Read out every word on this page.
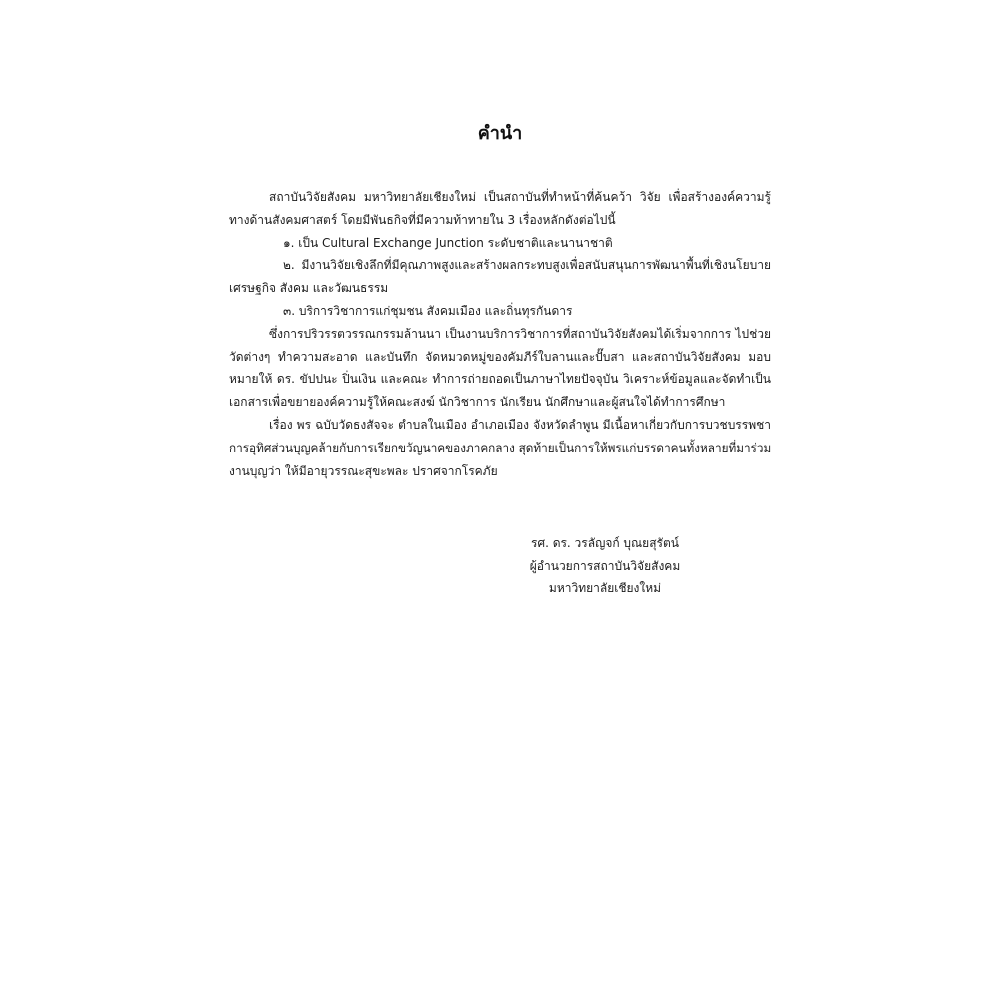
คำนำ
สถาบันวิจัยสังคม มหาวิทยาลัยเชียงใหม่ เป็นสถาบันที่ทำหน้าที่ค้นคว้า วิจัย เพื่อสร้างองค์ความรู้
ทางด้านสังคมศาสตร์ โดยมีพันธกิจที่มีความท้าทายใน 3 เรื่องหลักดังต่อไปนี้
๑. เป็น Cultural Exchange Junction ระดับชาติและนานาชาติ
๒. มีงานวิจัยเชิงลึกที่มีคุณภาพสูงและสร้างผลกระทบสูงเพื่อสนับสนุนการพัฒนาพื้นที่เชิงนโยบาย
เศรษฐกิจ สังคม และวัฒนธรรม
๓. บริการวิชาการแก่ชุมชน สังคมเมือง และถิ่นทุรกันดาร
ซึ่งการปริวรรตวรรณกรรมล้านนา เป็นงานบริการวิชาการที่สถาบันวิจัยสังคมได้เริ่มจากการ ไปช่วย
วัดต่างๆ ทำความสะอาด และบันทึก จัดหมวดหมู่ของคัมภีร์ใบลานและปั๊บสา และสถาบันวิจัยสังคม มอบ
หมายให้ ดร. ขัปปนะ ปิ่นเงิน และคณะ ทำการถ่ายถอดเป็นภาษาไทยปัจจุบัน วิเคราะห์ข้อมูลและจัดทำเป็น
เอกสารเพื่อขยายองค์ความรู้ให้คณะสงฆ์ นักวิชาการ นักเรียน นักศึกษาและผู้สนใจได้ทำการศึกษา
เรื่อง พร ฉบับวัดธงสัจจะ ตำบลในเมือง อำเภอเมือง จังหวัดลำพูน มีเนื้อหาเกี่ยวกับการบวชบรรพชา
การอุทิศส่วนบุญคล้ายกับการเรียกขวัญนาคของภาคกลาง สุดท้ายเป็นการให้พรแก่บรรดาคนทั้งหลายที่มาร่วม
งานบุญว่า ให้มีอายุวรรณะสุขะพละ ปราศจากโรคภัย
รศ. ดร. วรลัญจก์ บุณยสุรัตน์
ผู้อำนวยการสถาบันวิจัยสังคม
มหาวิทยาลัยเชียงใหม่
